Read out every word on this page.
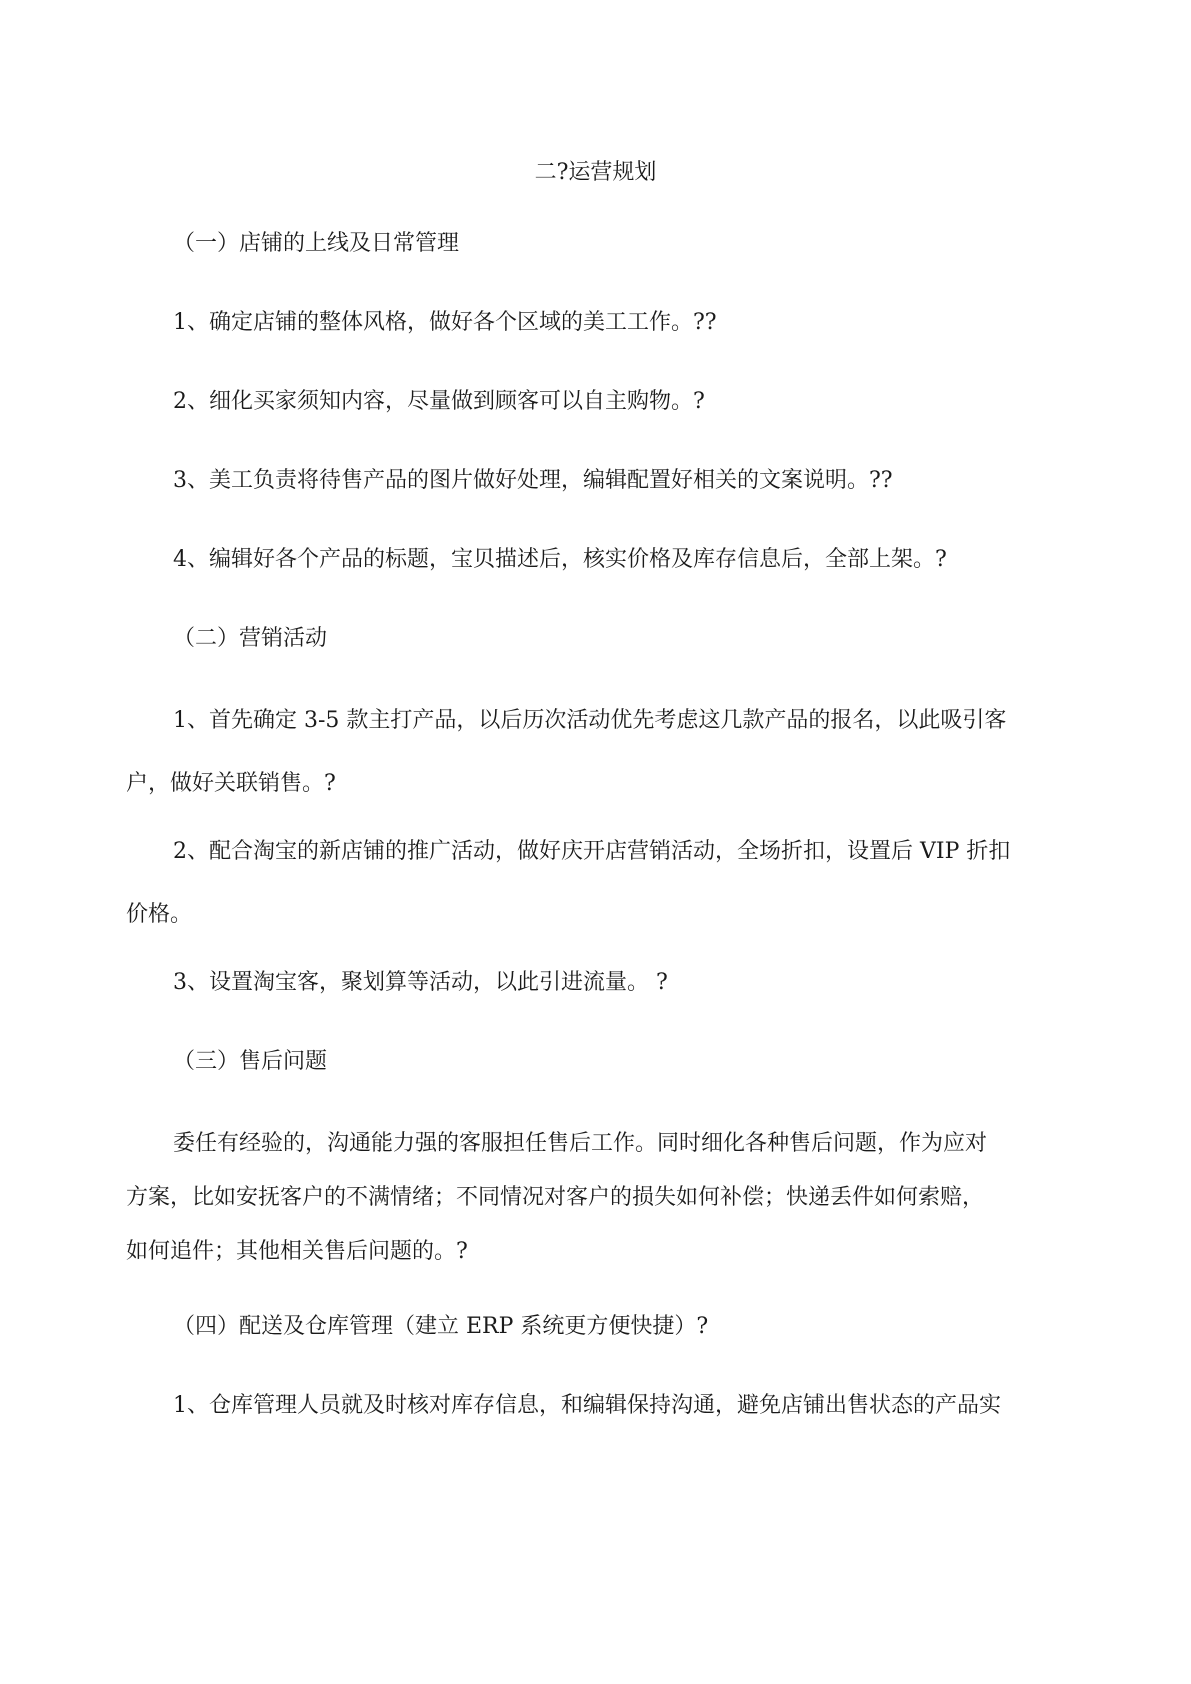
二?运营规划
（一）店铺的上线及日常管理
1、确定店铺的整体风格，做好各个区域的美工工作。??
2、细化买家须知内容，尽量做到顾客可以自主购物。?
3、美工负责将待售产品的图片做好处理，编辑配置好相关的文案说明。??
4、编辑好各个产品的标题，宝贝描述后，核实价格及库存信息后，全部上架。?
（二）营销活动
1、首先确定 3-5 款主打产品，以后历次活动优先考虑这几款产品的报名，以此吸引客
户，做好关联销售。?
2、配合淘宝的新店铺的推广活动，做好庆开店营销活动，全场折扣，设置后 VIP 折扣
价格。
3、设置淘宝客，聚划算等活动，以此引进流量。 ?
（三）售后问题
委任有经验的，沟通能力强的客服担任售后工作。同时细化各种售后问题，作为应对
方案，比如安抚客户的不满情绪；不同情况对客户的损失如何补偿；快递丢件如何索赔，
如何追件；其他相关售后问题的。?
（四）配送及仓库管理（建立 ERP 系统更方便快捷）?
1、仓库管理人员就及时核对库存信息，和编辑保持沟通，避免店铺出售状态的产品实
